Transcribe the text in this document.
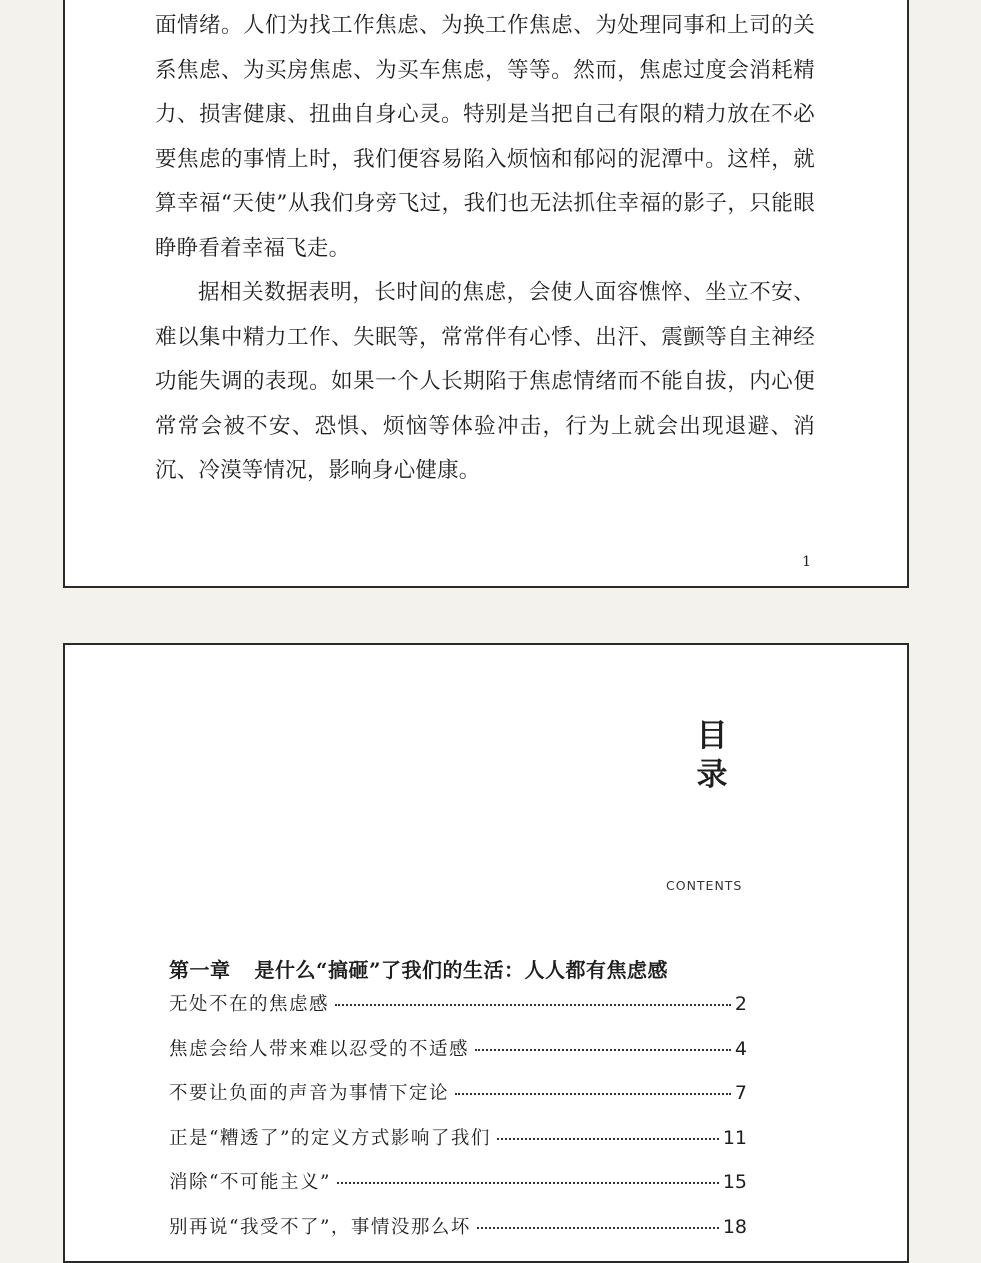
面情绪。人们为找工作焦虑、为换工作焦虑、为处理同事和上司的关系焦虑、为买房焦虑、为买车焦虑，等等。然而，焦虑过度会消耗精力、损害健康、扭曲自身心灵。特别是当把自己有限的精力放在不必要焦虑的事情上时，我们便容易陷入烦恼和郁闷的泥潭中。这样，就算幸福“天使”从我们身旁飞过，我们也无法抓住幸福的影子，只能眼睁睁看着幸福飞走。

据相关数据表明，长时间的焦虑，会使人面容憔悴、坐立不安、难以集中精力工作、失眠等，常常伴有心悸、出汗、震颤等自主神经功能失调的表现。如果一个人长期陷于焦虑情绪而不能自拔，内心便常常会被不安、恐惧、烦恼等体验冲击，行为上就会出现退避、消沉、冷漠等情况，影响身心健康。

1
目录
CONTENTS
第一章 是什么“搞砸”了我们的生活：人人都有焦虑感
无处不在的焦虑感	2
焦虑会给人带来难以忍受的不适感	4
不要让负面的声音为事情下定论	7
正是“糟透了”的定义方式影响了我们	11
消除“不可能主义”	15
别再说“我受不了”，事情没那么坏	18
